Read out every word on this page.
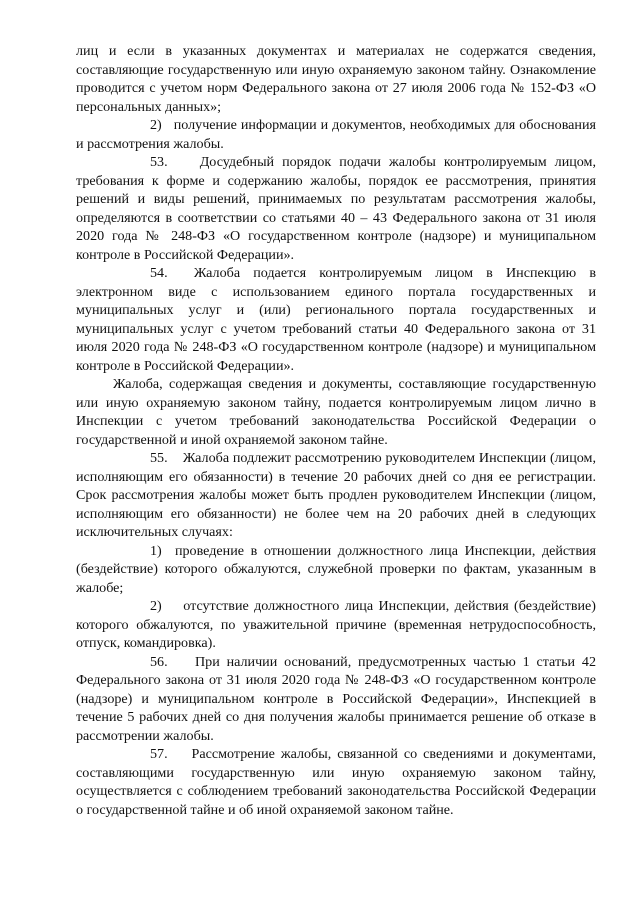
лиц и если в указанных документах и материалах не содержатся сведения, составляющие государственную или иную охраняемую законом тайну. Ознакомление проводится с учетом норм Федерального закона от 27 июля 2006 года № 152-ФЗ «О персональных данных»;

2) получение информации и документов, необходимых для обоснования и рассмотрения жалобы.

53. Досудебный порядок подачи жалобы контролируемым лицом, требования к форме и содержанию жалобы, порядок ее рассмотрения, принятия решений и виды решений, принимаемых по результатам рассмотрения жалобы, определяются в соответствии со статьями 40 – 43 Федерального закона от 31 июля 2020 года № 248-ФЗ «О государственном контроле (надзоре) и муниципальном контроле в Российской Федерации».

54. Жалоба подается контролируемым лицом в Инспекцию в электронном виде с использованием единого портала государственных и муниципальных услуг и (или) регионального портала государственных и муниципальных услуг с учетом требований статьи 40 Федерального закона от 31 июля 2020 года № 248-ФЗ «О государственном контроле (надзоре) и муниципальном контроле в Российской Федерации».

Жалоба, содержащая сведения и документы, составляющие государственную или иную охраняемую законом тайну, подается контролируемым лицом лично в Инспекции с учетом требований законодательства Российской Федерации о государственной и иной охраняемой законом тайне.

55. Жалоба подлежит рассмотрению руководителем Инспекции (лицом, исполняющим его обязанности) в течение 20 рабочих дней со дня ее регистрации. Срок рассмотрения жалобы может быть продлен руководителем Инспекции (лицом, исполняющим его обязанности) не более чем на 20 рабочих дней в следующих исключительных случаях:

1) проведение в отношении должностного лица Инспекции, действия (бездействие) которого обжалуются, служебной проверки по фактам, указанным в жалобе;

2) отсутствие должностного лица Инспекции, действия (бездействие) которого обжалуются, по уважительной причине (временная нетрудоспособность, отпуск, командировка).

56. При наличии оснований, предусмотренных частью 1 статьи 42 Федерального закона от 31 июля 2020 года № 248-ФЗ «О государственном контроле (надзоре) и муниципальном контроле в Российской Федерации», Инспекцией в течение 5 рабочих дней со дня получения жалобы принимается решение об отказе в рассмотрении жалобы.

57. Рассмотрение жалобы, связанной со сведениями и документами, составляющими государственную или иную охраняемую законом тайну, осуществляется с соблюдением требований законодательства Российской Федерации о государственной тайне и об иной охраняемой законом тайне.
